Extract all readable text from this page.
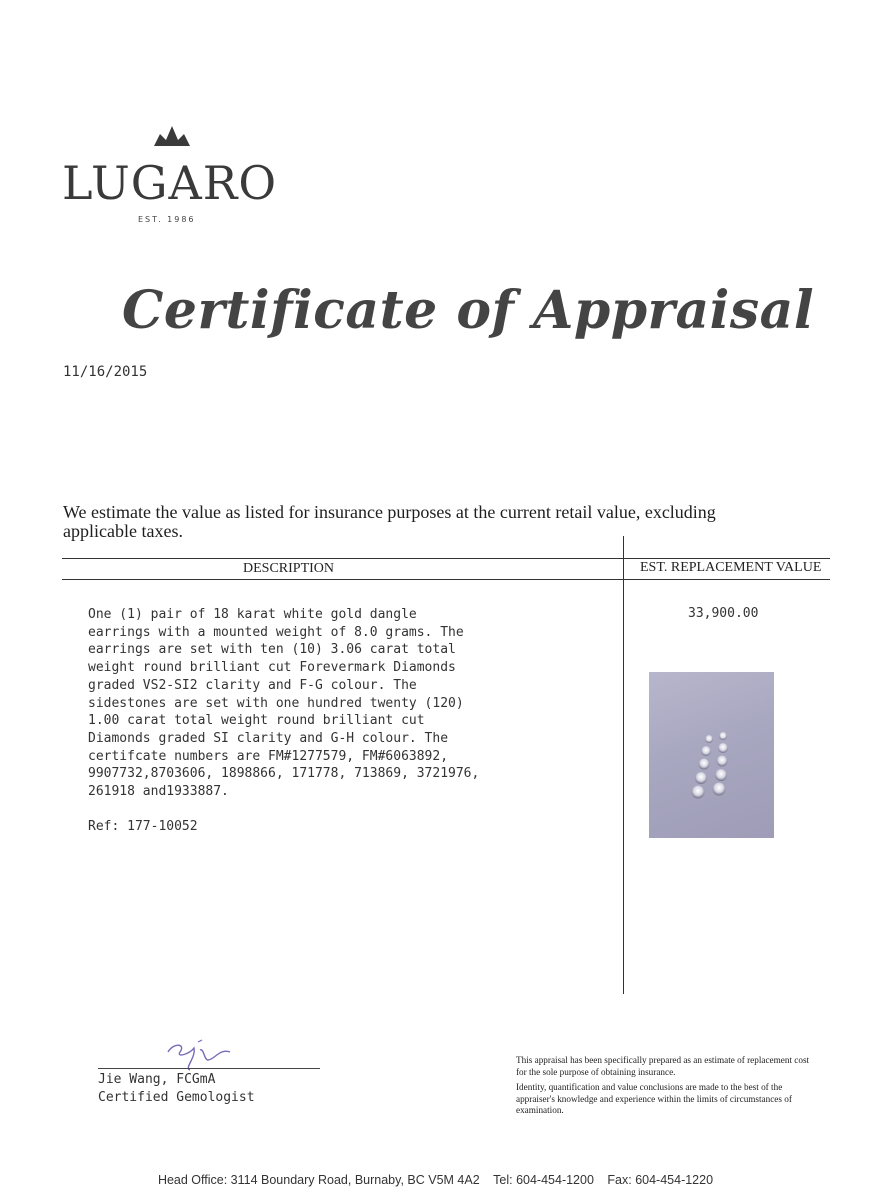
LUGARO
EST. 1986
Certificate of Appraisal
11/16/2015
We estimate the value as listed for insurance purposes at the current retail value, excluding applicable taxes.
DESCRIPTION	EST. REPLACEMENT VALUE
One (1) pair of 18 karat white gold dangle
earrings with a mounted weight of 8.0 grams. The
earrings are set with ten (10) 3.06 carat total
weight round brilliant cut Forevermark Diamonds
graded VS2-SI2 clarity and F-G colour. The
sidestones are set with one hundred twenty (120)
1.00 carat total weight round brilliant cut
Diamonds graded SI clarity and G-H colour. The
certifcate numbers are FM#1277579, FM#6063892,
9907732,8703606, 1898866, 171778, 713869, 3721976,
261918 and1933887.
Ref: 177-10052
33,900.00
Jie Wang, FCGmA
Certified Gemologist

This appraisal has been specifically prepared as an estimate of replacement cost for the sole purpose of obtaining insurance.

Identity, quantification and value conclusions are made to the best of the appraiser's knowledge and experience within the limits of circumstances of examination.

Head Office: 3114 Boundary Road, Burnaby, BC V5M 4A2 Tel: 604-454-1200 Fax: 604-454-1220
